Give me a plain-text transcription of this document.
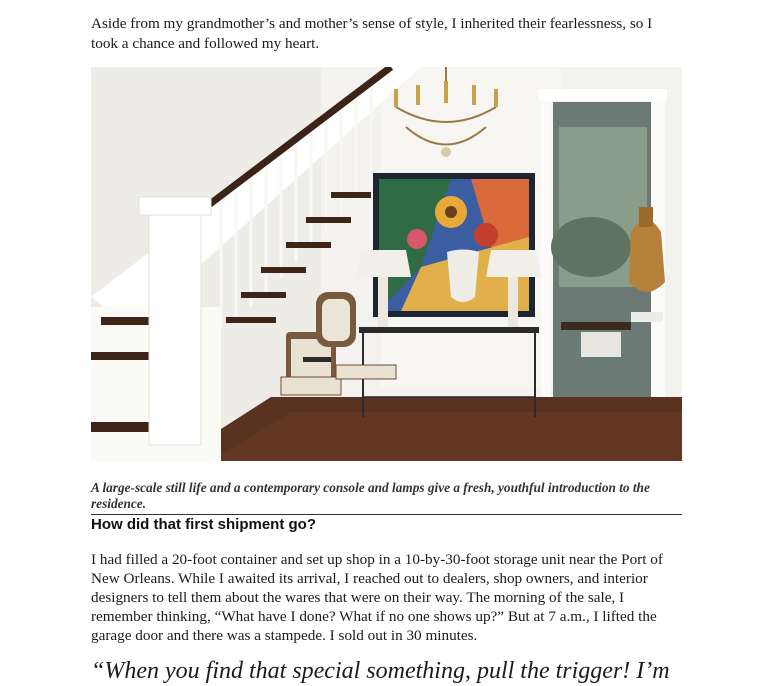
Aside from my grandmother’s and mother’s sense of style, I inherited their fearlessness, so I took a chance and followed my heart.

A large-scale still life and a contemporary console and lamps give a fresh, youthful introduction to the residence.

How did that first shipment go?

I had filled a 20-foot container and set up shop in a 10-by-30-foot storage unit near the Port of New Orleans. While I awaited its arrival, I reached out to dealers, shop owners, and interior designers to tell them about the wares that were on their way. The morning of the sale, I remember thinking, “What have I done? What if no one shows up?” But at 7 a.m., I lifted the garage door and there was a stampede. I sold out in 30 minutes.

“When you find that special something, pull the trigger! I’m
